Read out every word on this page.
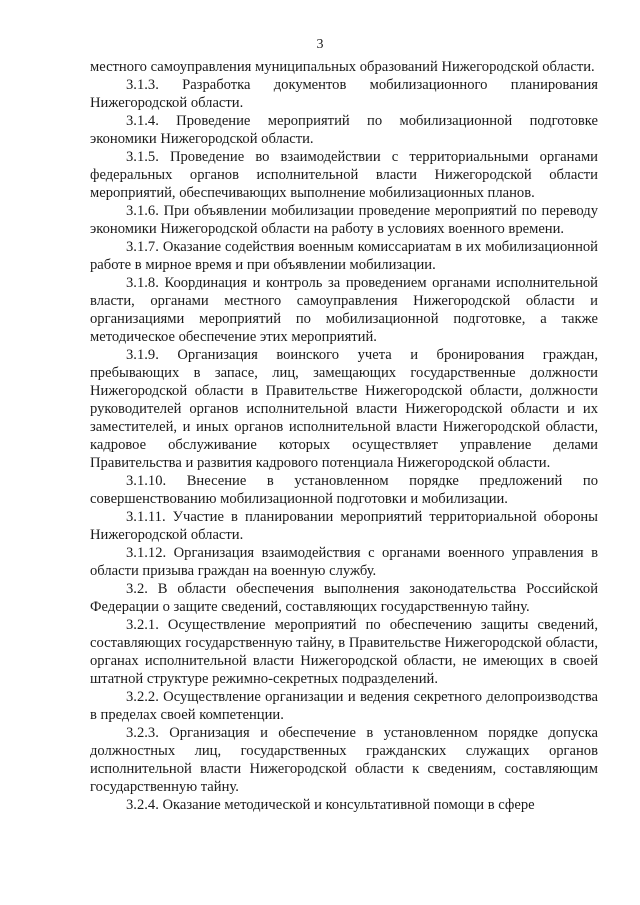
3

местного самоуправления муниципальных образований Нижегородской области.

3.1.3. Разработка документов мобилизационного планирования Нижегородской области.

3.1.4. Проведение мероприятий по мобилизационной подготовке экономики Нижегородской области.

3.1.5. Проведение во взаимодействии с территориальными органами федеральных органов исполнительной власти Нижегородской области мероприятий, обеспечивающих выполнение мобилизационных планов.

3.1.6. При объявлении мобилизации проведение мероприятий по переводу экономики Нижегородской области на работу в условиях военного времени.

3.1.7. Оказание содействия военным комиссариатам в их мобилизационной работе в мирное время и при объявлении мобилизации.

3.1.8. Координация и контроль за проведением органами исполнительной власти, органами местного самоуправления Нижегородской области и организациями мероприятий по мобилизационной подготовке, а также методическое обеспечение этих мероприятий.

3.1.9. Организация воинского учета и бронирования граждан, пребывающих в запасе, лиц, замещающих государственные должности Нижегородской области в Правительстве Нижегородской области, должности руководителей органов исполнительной власти Нижегородской области и их заместителей, и иных органов исполнительной власти Нижегородской области, кадровое обслуживание которых осуществляет управление делами Правительства и развития кадрового потенциала Нижегородской области.

3.1.10. Внесение в установленном порядке предложений по совершенствованию мобилизационной подготовки и мобилизации.

3.1.11. Участие в планировании мероприятий территориальной обороны Нижегородской области.

3.1.12. Организация взаимодействия с органами военного управления в области призыва граждан на военную службу.

3.2. В области обеспечения выполнения законодательства Российской Федерации о защите сведений, составляющих государственную тайну.

3.2.1. Осуществление мероприятий по обеспечению защиты сведений, составляющих государственную тайну, в Правительстве Нижегородской области, органах исполнительной власти Нижегородской области, не имеющих в своей штатной структуре режимно-секретных подразделений.

3.2.2. Осуществление организации и ведения секретного делопроизводства в пределах своей компетенции.

3.2.3. Организация и обеспечение в установленном порядке допуска должностных лиц, государственных гражданских служащих органов исполнительной власти Нижегородской области к сведениям, составляющим государственную тайну.

3.2.4. Оказание методической и консультативной помощи в сфере
